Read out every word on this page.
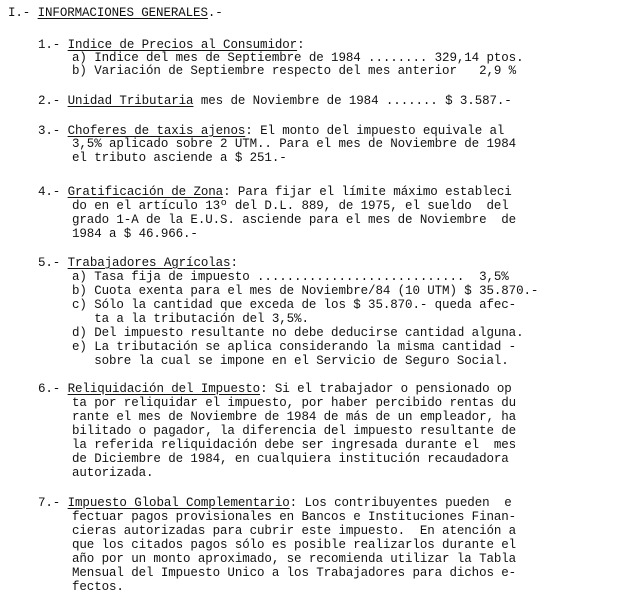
I.- INFORMACIONES GENERALES.-
1.- Indice de Precios al Consumidor:
a) Indice del mes de Septiembre de 1984 ........ 329,14 ptos.
b) Variación de Septiembre respecto del mes anterior   2,9 %
2.- Unidad Tributaria mes de Noviembre de 1984 ....... $ 3.587.-
3.- Choferes de taxis ajenos: El monto del impuesto equivale al
3,5% aplicado sobre 2 UTM.. Para el mes de Noviembre de 1984
el tributo asciende a $ 251.-
4.- Gratificación de Zona: Para fijar el límite máximo estableci
do en el artículo 13º del D.L. 889, de 1975, el sueldo  del
grado 1-A de la E.U.S. asciende para el mes de Noviembre  de
1984 a $ 46.966.-
5.- Trabajadores Agrícolas:
a) Tasa fija de impuesto ............................  3,5%
b) Cuota exenta para el mes de Noviembre/84 (10 UTM) $ 35.870.-
c) Sólo la cantidad que exceda de los $ 35.870.- queda afec-
ta a la tributación del 3,5%.
d) Del impuesto resultante no debe deducirse cantidad alguna.
e) La tributación se aplica considerando la misma cantidad -
sobre la cual se impone en el Servicio de Seguro Social.
6.- Reliquidación del Impuesto: Si el trabajador o pensionado op
ta por reliquidar el impuesto, por haber percibido rentas du
rante el mes de Noviembre de 1984 de más de un empleador, ha
bilitado o pagador, la diferencia del impuesto resultante de
la referida reliquidación debe ser ingresada durante el  mes
de Diciembre de 1984, en cualquiera institución recaudadora
autorizada.
7.- Impuesto Global Complementario: Los contribuyentes pueden  e
fectuar pagos provisionales en Bancos e Instituciones Finan-
cieras autorizadas para cubrir este impuesto.  En atención a
que los citados pagos sólo es posible realizarlos durante el
año por un monto aproximado, se recomienda utilizar la Tabla
Mensual del Impuesto Unico a los Trabajadores para dichos e-
fectos.
